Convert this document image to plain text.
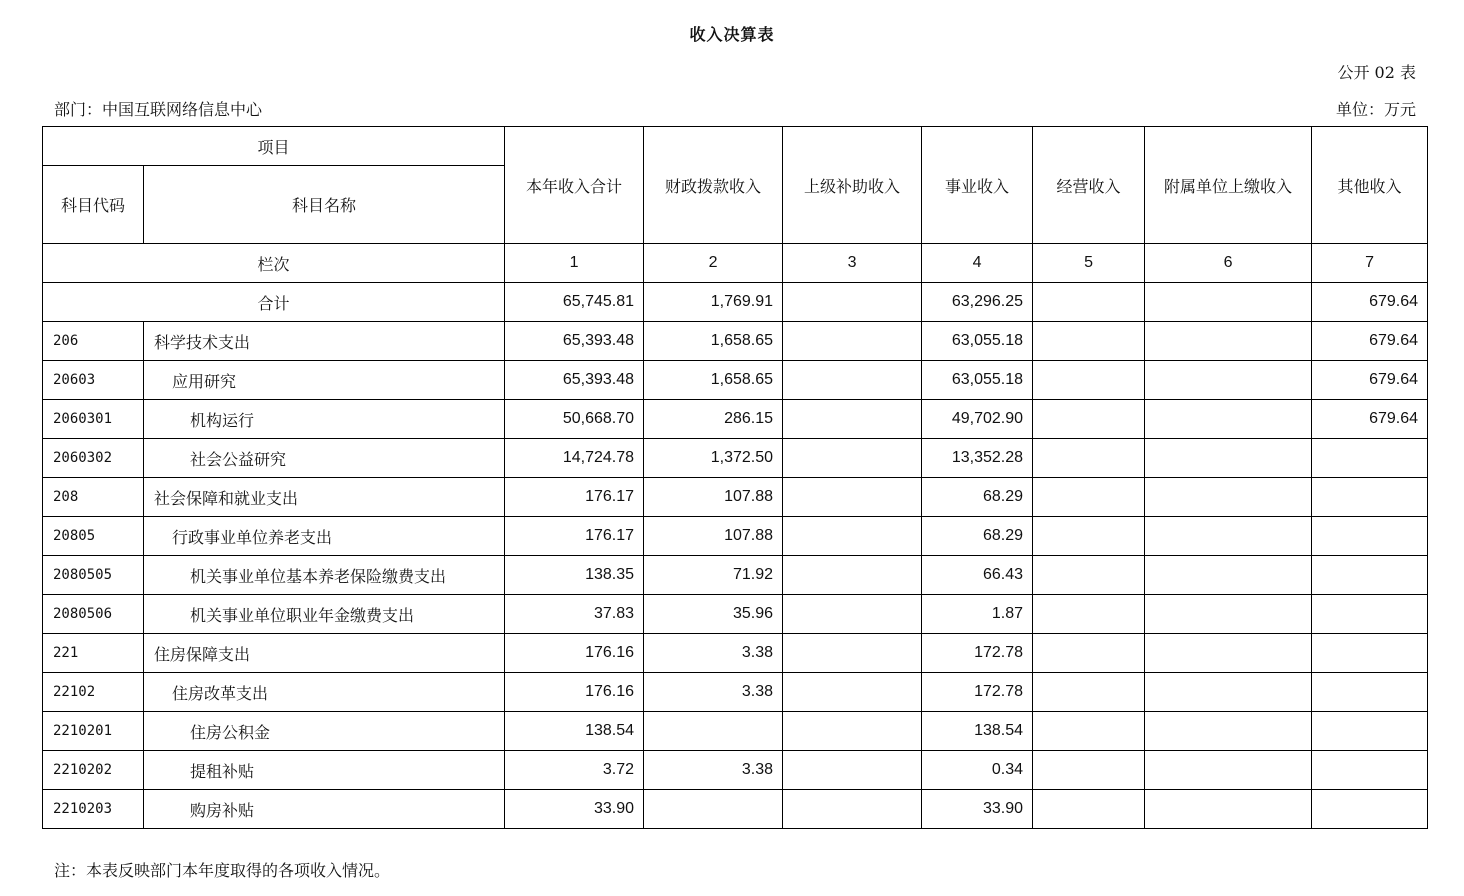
收入决算表
公开 02 表
部门：中国互联网络信息中心	单位：万元
项目		本年收入合计	财政拨款收入	上级补助收入	事业收入	经营收入	附属单位上缴收入	其他收入
科目代码	科目名称							
栏次		1	2	3	4	5	6	7
合计		65,745.81	1,769.91		63,296.25			679.64
206	科学技术支出	65,393.48	1,658.65		63,055.18			679.64
20603	应用研究	65,393.48	1,658.65		63,055.18			679.64
2060301	机构运行	50,668.70	286.15		49,702.90			679.64
2060302	社会公益研究	14,724.78	1,372.50		13,352.28			
208	社会保障和就业支出	176.17	107.88		68.29			
20805	行政事业单位养老支出	176.17	107.88		68.29			
2080505	机关事业单位基本养老保险缴费支出	138.35	71.92		66.43			
2080506	机关事业单位职业年金缴费支出	37.83	35.96		1.87			
221	住房保障支出	176.16	3.38		172.78			
22102	住房改革支出	176.16	3.38		172.78			
2210201	住房公积金	138.54			138.54			
2210202	提租补贴	3.72	3.38		0.34			
2210203	购房补贴	33.90			33.90			
注：本表反映部门本年度取得的各项收入情况。
